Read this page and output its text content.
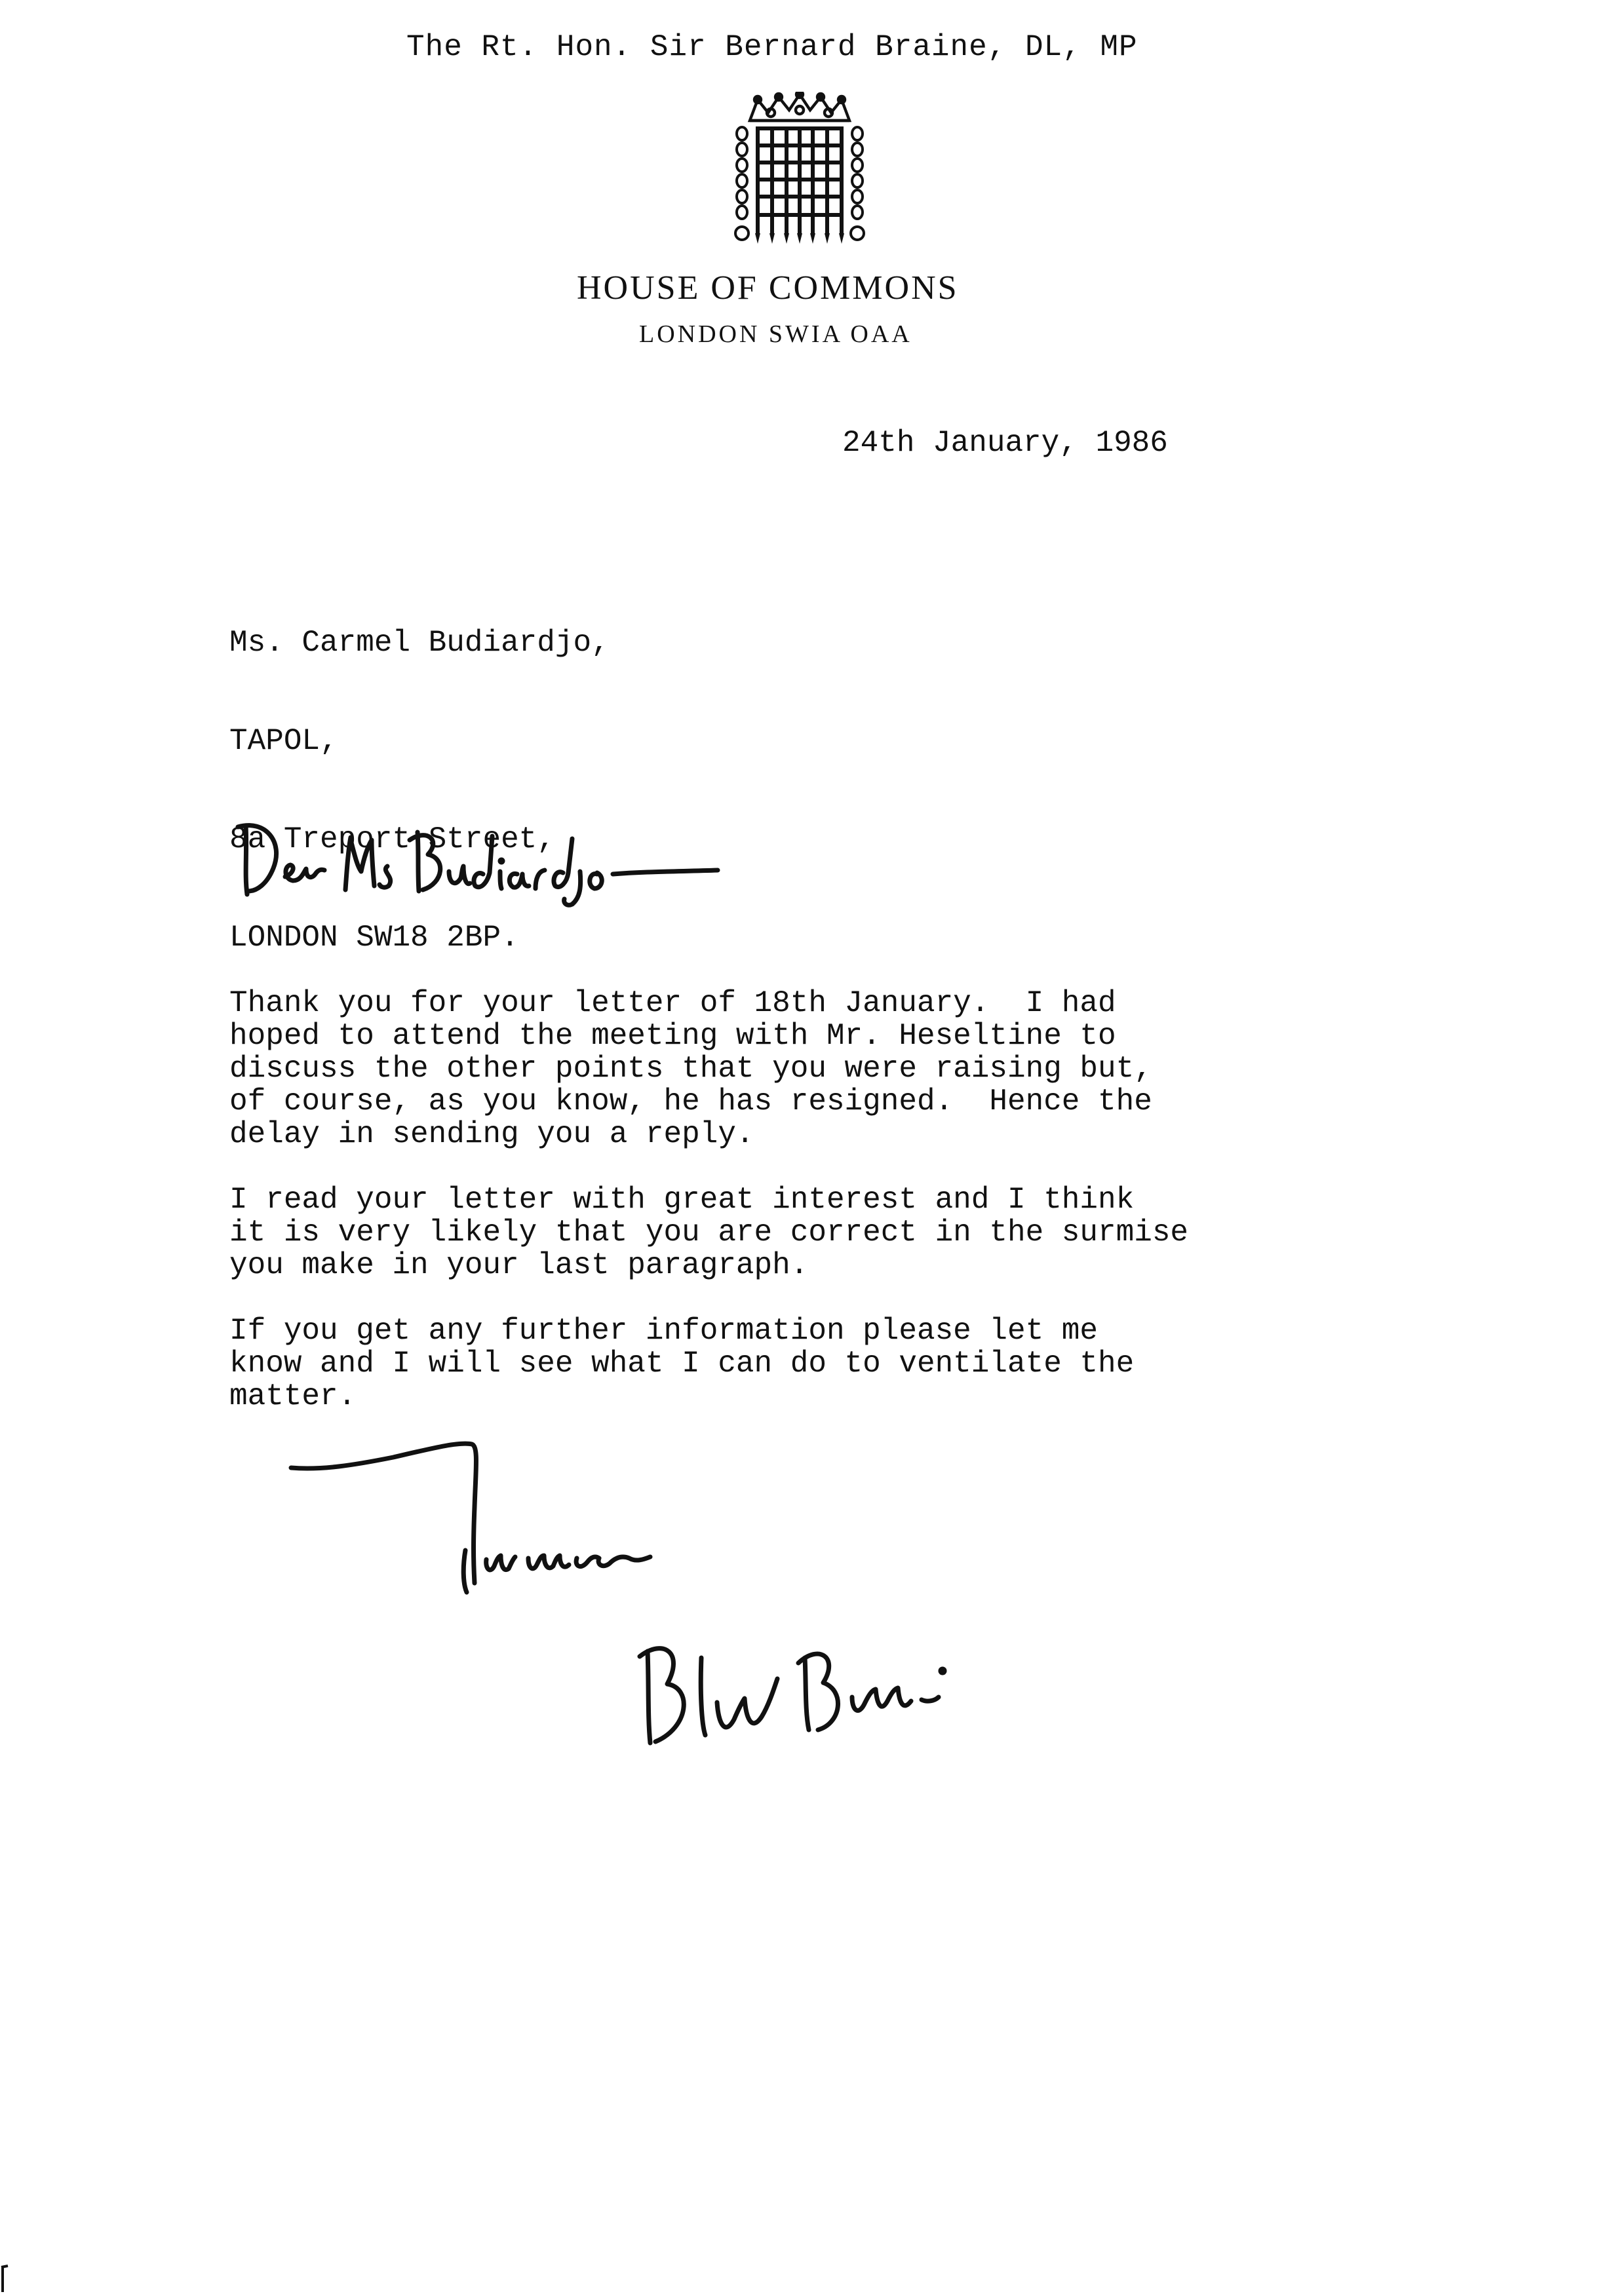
The Rt. Hon. Sir Bernard Braine, DL, MP
HOUSE OF COMMONS
LONDON SWIA OAA
24th January, 1986

Ms. Carmel Budiardjo,

TAPOL,

8a Treport Street,

LONDON SW18 2BP.

Thank you for your letter of 18th January.  I had
hoped to attend the meeting with Mr. Heseltine to
discuss the other points that you were raising but,
of course, as you know, he has resigned.  Hence the
delay in sending you a reply.
I read your letter with great interest and I think
it is very likely that you are correct in the surmise
you make in your last paragraph.
If you get any further information please let me
know and I will see what I can do to ventilate the
matter.
